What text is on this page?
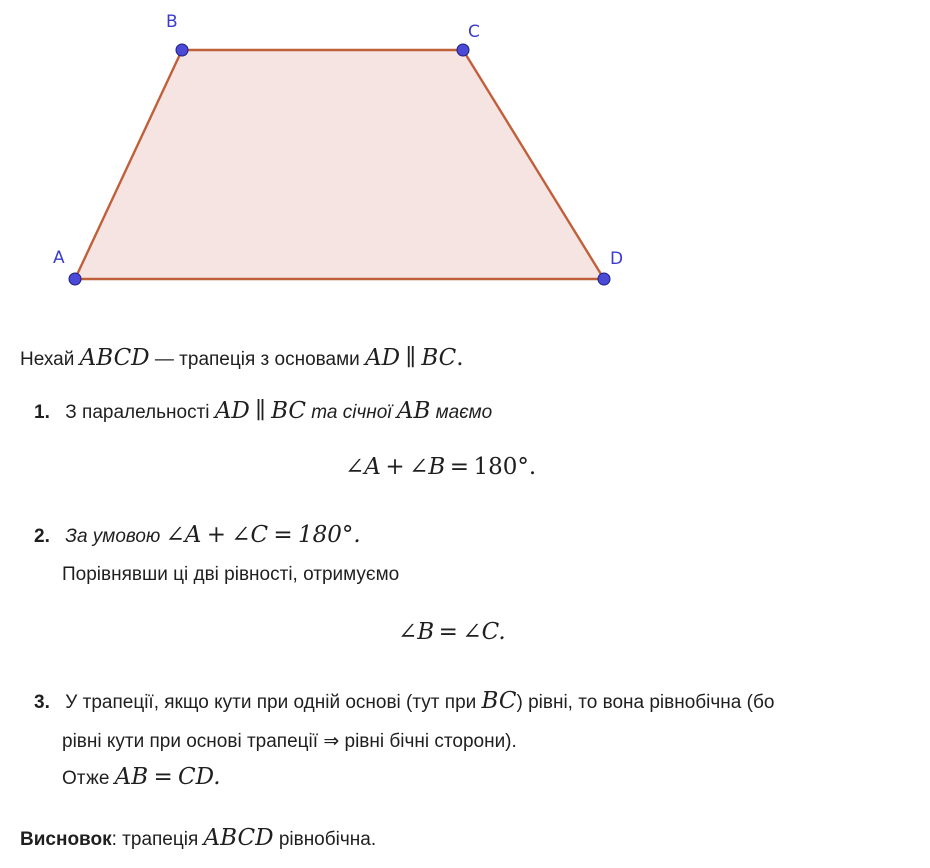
A
B	C
D
Нехай ABCD — трапеція з основами AD ∥ BC.
1. З паралельності AD ∥ BC та січної AB маємо
∠A + ∠B = 180°.
2. За умовою ∠A + ∠C = 180°.
Порівнявши ці дві рівності, отримуємо
∠B = ∠C.
3. У трапеції, якщо кути при одній основі (тут при BC) рівні, то вона рівнобічна (бо
рівні кути при основі трапеції ⇒ рівні бічні сторони).
Отже AB = CD.
Висновок: трапеція ABCD рівнобічна.
